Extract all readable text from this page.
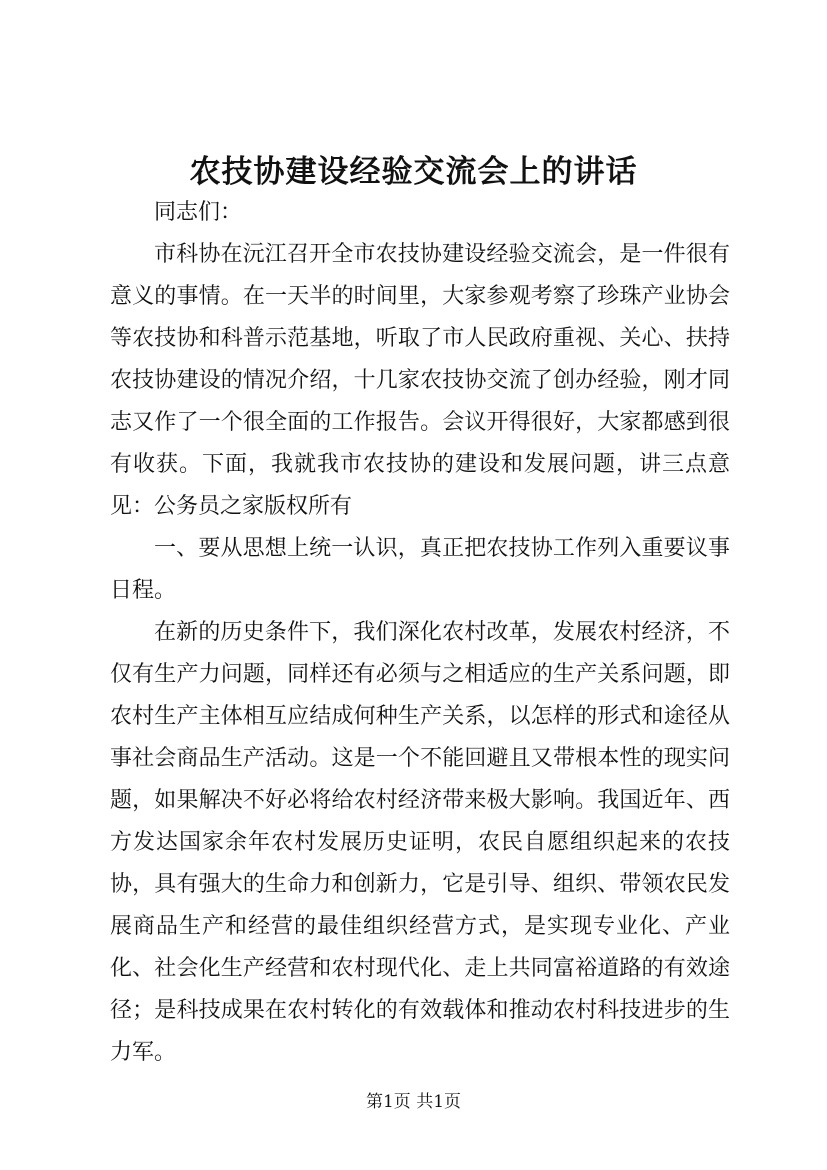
农技协建设经验交流会上的讲话

同志们：

市科协在沅江召开全市农技协建设经验交流会，是一件很有意义的事情。在一天半的时间里，大家参观考察了珍珠产业协会等农技协和科普示范基地，听取了市人民政府重视、关心、扶持农技协建设的情况介绍，十几家农技协交流了创办经验，刚才同志又作了一个很全面的工作报告。会议开得很好，大家都感到很有收获。下面，我就我市农技协的建设和发展问题，讲三点意见：公务员之家版权所有

一、要从思想上统一认识，真正把农技协工作列入重要议事日程。

在新的历史条件下，我们深化农村改革，发展农村经济，不仅有生产力问题，同样还有必须与之相适应的生产关系问题，即农村生产主体相互应结成何种生产关系，以怎样的形式和途径从事社会商品生产活动。这是一个不能回避且又带根本性的现实问题，如果解决不好必将给农村经济带来极大影响。我国近年、西方发达国家余年农村发展历史证明，农民自愿组织起来的农技协，具有强大的生命力和创新力，它是引导、组织、带领农民发展商品生产和经营的最佳组织经营方式，是实现专业化、产业化、社会化生产经营和农村现代化、走上共同富裕道路的有效途径；是科技成果在农村转化的有效载体和推动农村科技进步的生力军。

第1页 共1页
